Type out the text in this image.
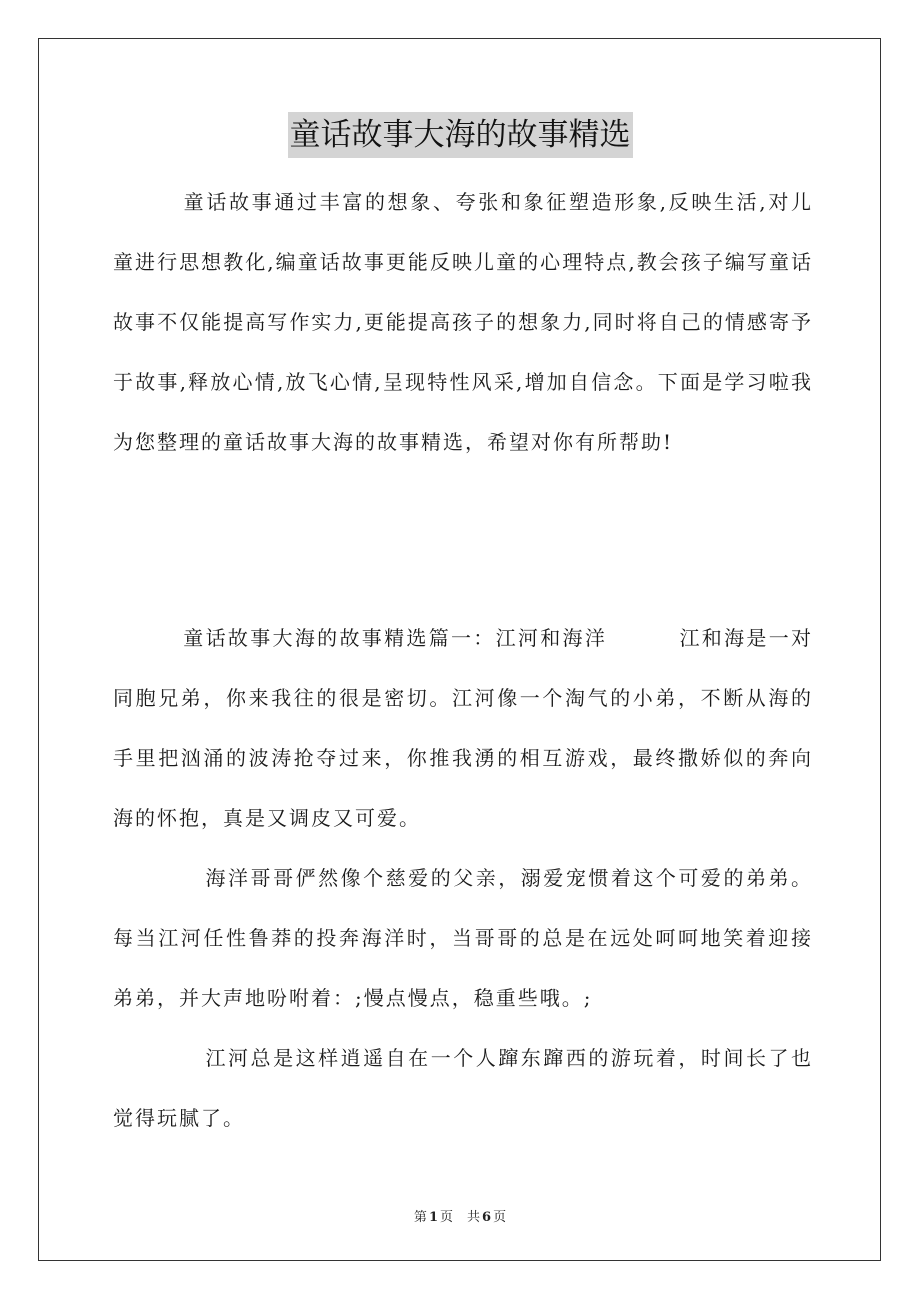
童话故事大海的故事精选

童话故事通过丰富的想象、夸张和象征塑造形象,反映生活,对儿童进行思想教化,编童话故事更能反映儿童的心理特点,教会孩子编写童话故事不仅能提高写作实力,更能提高孩子的想象力,同时将自己的情感寄予于故事,释放心情,放飞心情,呈现特性风采,增加自信念。下面是学习啦我为您整理的童话故事大海的故事精选，希望对你有所帮助!

童话故事大海的故事精选篇一：江河和海洋	江和海是一对同胞兄弟，你来我往的很是密切。江河像一个淘气的小弟，不断从海的手里把汹涌的波涛抢夺过来，你推我湧的相互游戏，最终撒娇似的奔向海的怀抱，真是又调皮又可爱。

海洋哥哥俨然像个慈爱的父亲，溺爱宠惯着这个可爱的弟弟。每当江河任性鲁莽的投奔海洋时，当哥哥的总是在远处呵呵地笑着迎接弟弟，并大声地吩咐着：;慢点慢点，稳重些哦。;

江河总是这样逍遥自在一个人蹿东蹿西的游玩着，时间长了也觉得玩腻了。

第 1 页 共 6 页
